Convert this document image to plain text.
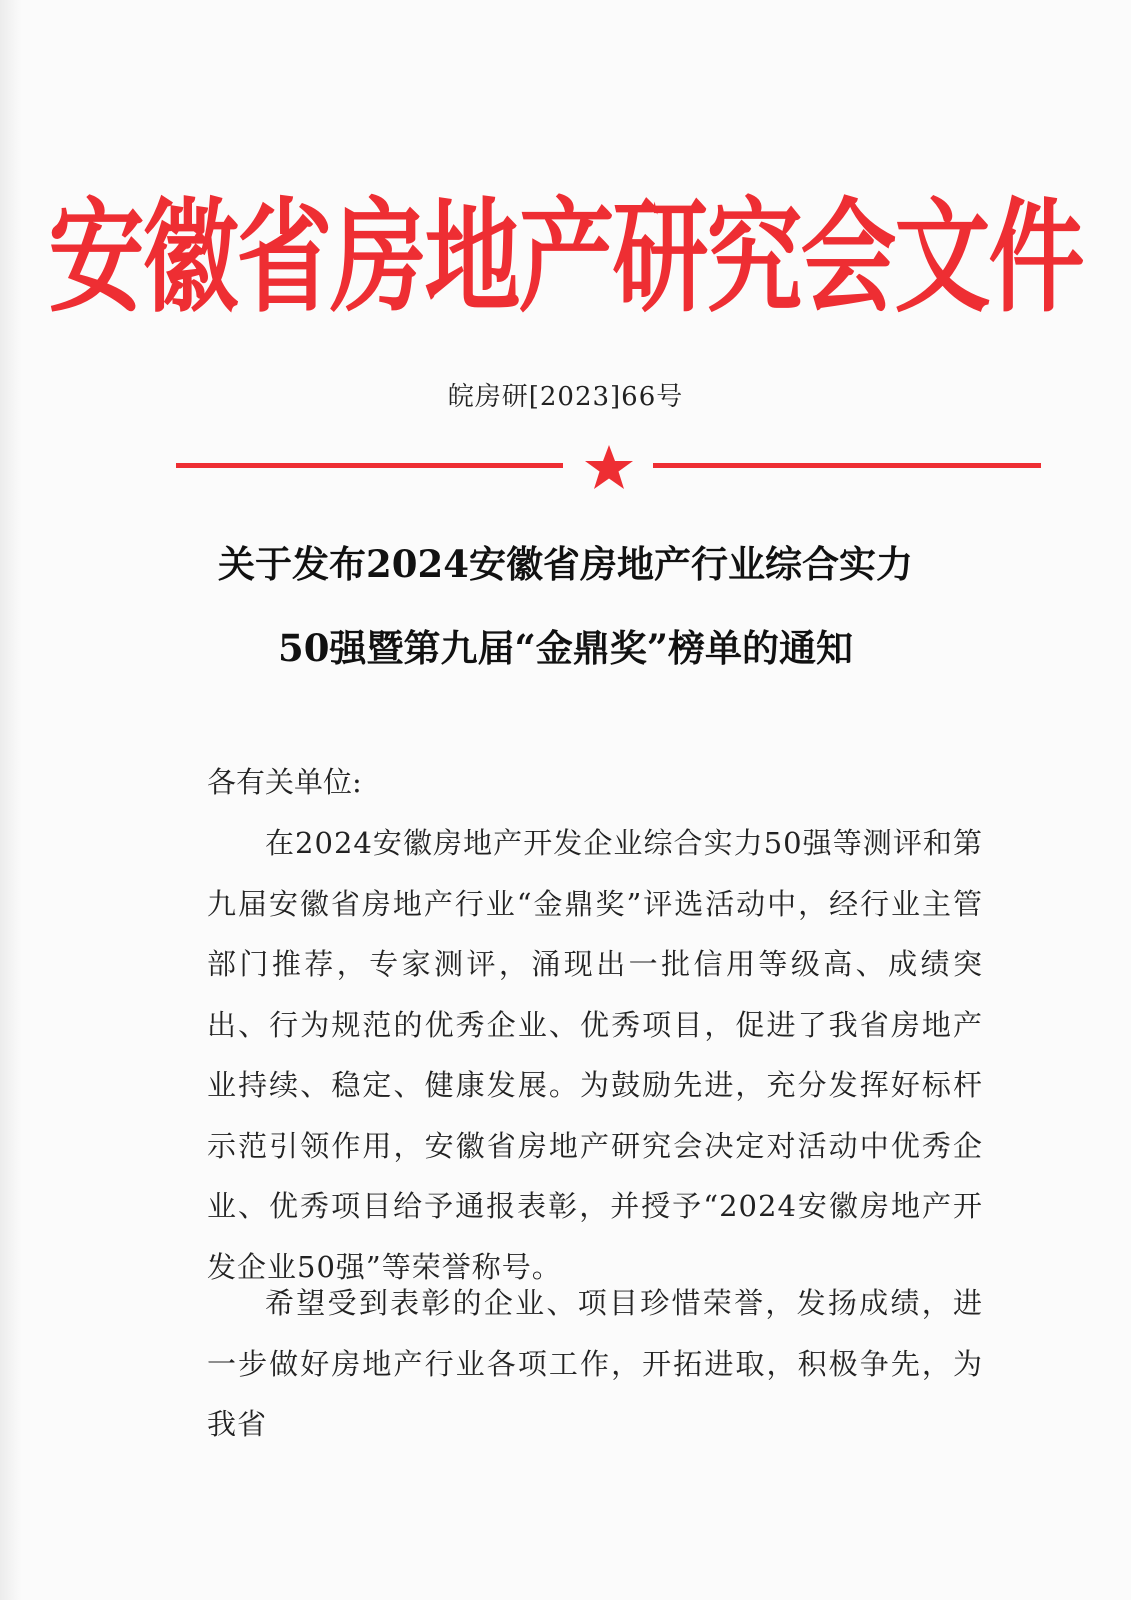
安徽省房地产研究会文件
皖房研[2023]66号
关于发布2024安徽省房地产行业综合实力
50强暨第九届“金鼎奖”榜单的通知
各有关单位:

在2024安徽房地产开发企业综合实力50强等测评和第九届安徽省房地产行业“金鼎奖”评选活动中，经行业主管部门推荐，专家测评，涌现出一批信用等级高、成绩突出、行为规范的优秀企业、优秀项目，促进了我省房地产业持续、稳定、健康发展。为鼓励先进，充分发挥好标杆示范引领作用，安徽省房地产研究会决定对活动中优秀企业、优秀项目给予通报表彰，并授予“2024安徽房地产开发企业50强”等荣誉称号。

希望受到表彰的企业、项目珍惜荣誉，发扬成绩，进一步做好房地产行业各项工作，开拓进取，积极争先，为我省
